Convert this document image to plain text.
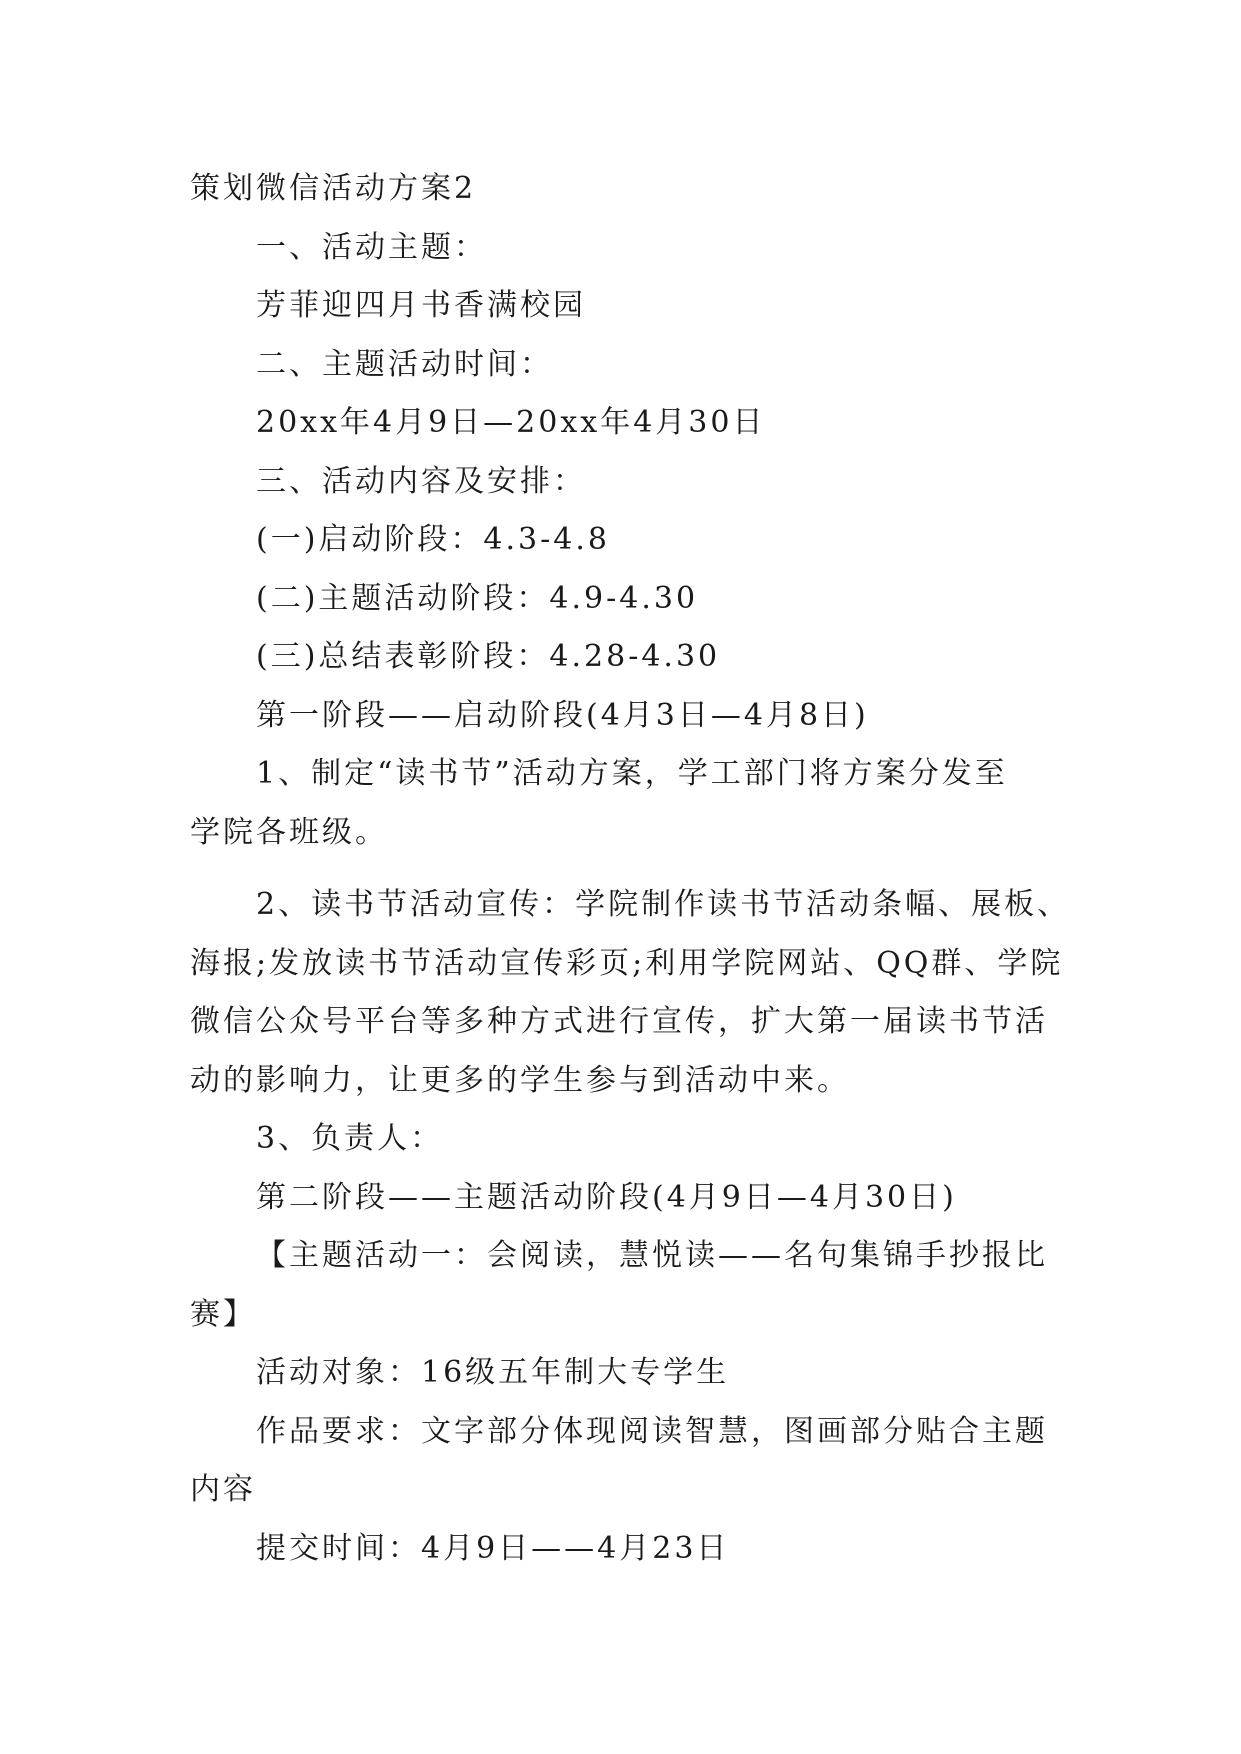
策划微信活动方案2

一、活动主题：

芳菲迎四月书香满校园

二、主题活动时间：

20xx年4月9日—20xx年4月30日

三、活动内容及安排：

(一)启动阶段：4.3-4.8

(二)主题活动阶段：4.9-4.30

(三)总结表彰阶段：4.28-4.30

第一阶段——启动阶段(4月3日—4月8日)

1、制定“读书节”活动方案，学工部门将方案分发至

学院各班级。

2、读书节活动宣传：学院制作读书节活动条幅、展板、

海报;发放读书节活动宣传彩页;利用学院网站、QQ群、学院

微信公众号平台等多种方式进行宣传，扩大第一届读书节活

动的影响力，让更多的学生参与到活动中来。

3、负责人：

第二阶段——主题活动阶段(4月9日—4月30日)

【主题活动一：会阅读，慧悦读——名句集锦手抄报比

赛】

活动对象：16级五年制大专学生

作品要求：文字部分体现阅读智慧，图画部分贴合主题

内容

提交时间：4月9日——4月23日
